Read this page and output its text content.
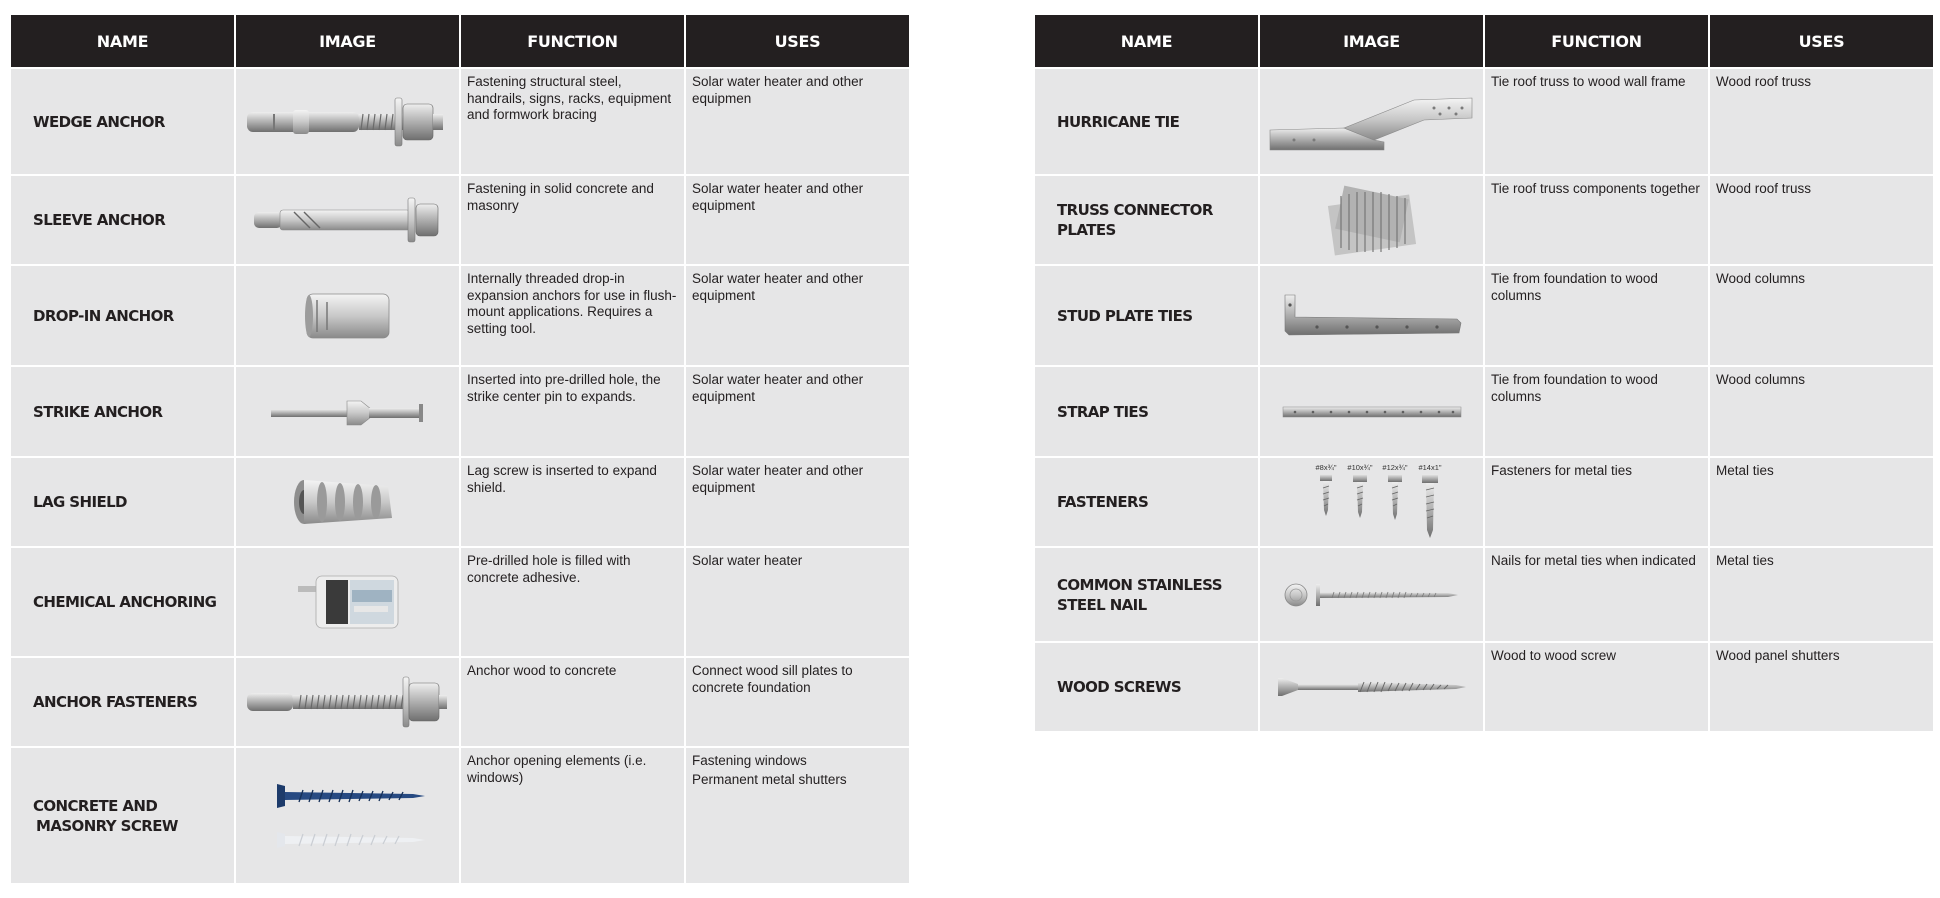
NAME	IMAGE	FUNCTION	USES

WEDGE ANCHOR		Fastening structural steel, handrails, signs, racks, equipment and formwork bracing	Solar water heater and other equipmen

SLEEVE ANCHOR		Fastening in solid concrete and masonry	Solar water heater and other equipment

DROP-IN ANCHOR		Internally threaded drop-in expansion anchors for use in flush-mount applications. Requires a setting tool.	Solar water heater and other equipment

STRIKE ANCHOR		Inserted into pre-drilled hole, the strike center pin to expands.	Solar water heater and other equipment

LAG SHIELD		Lag screw is inserted to expand shield.	Solar water heater and other equipment

CHEMICAL ANCHORING		Pre-drilled hole is filled with concrete adhesive.	Solar water heater

ANCHOR FASTENERS		Anchor wood to concrete	Connect wood sill plates to concrete foundation

CONCRETE AND
MASONRY SCREW		Anchor opening elements (i.e. windows)	Fastening windows
Permanent metal shutters
NAME	IMAGE	FUNCTION	USES

HURRICANE TIE		Tie roof truss to wood wall frame	Wood roof truss

TRUSS CONNECTOR PLATES		Tie roof truss components together	Wood roof truss

STUD PLATE TIES		Tie from foundation to wood columns	Wood columns

STRAP TIES		Tie from foundation to wood columns	Wood columns

FASTENERS	#8x¾" #10x¾" #12x¾" #14x1"	Fasteners for metal ties	Metal ties

COMMON STAINLESS
STEEL NAIL		Nails for metal ties when indicated	Metal ties

WOOD SCREWS		Wood to wood screw	Wood panel shutters
